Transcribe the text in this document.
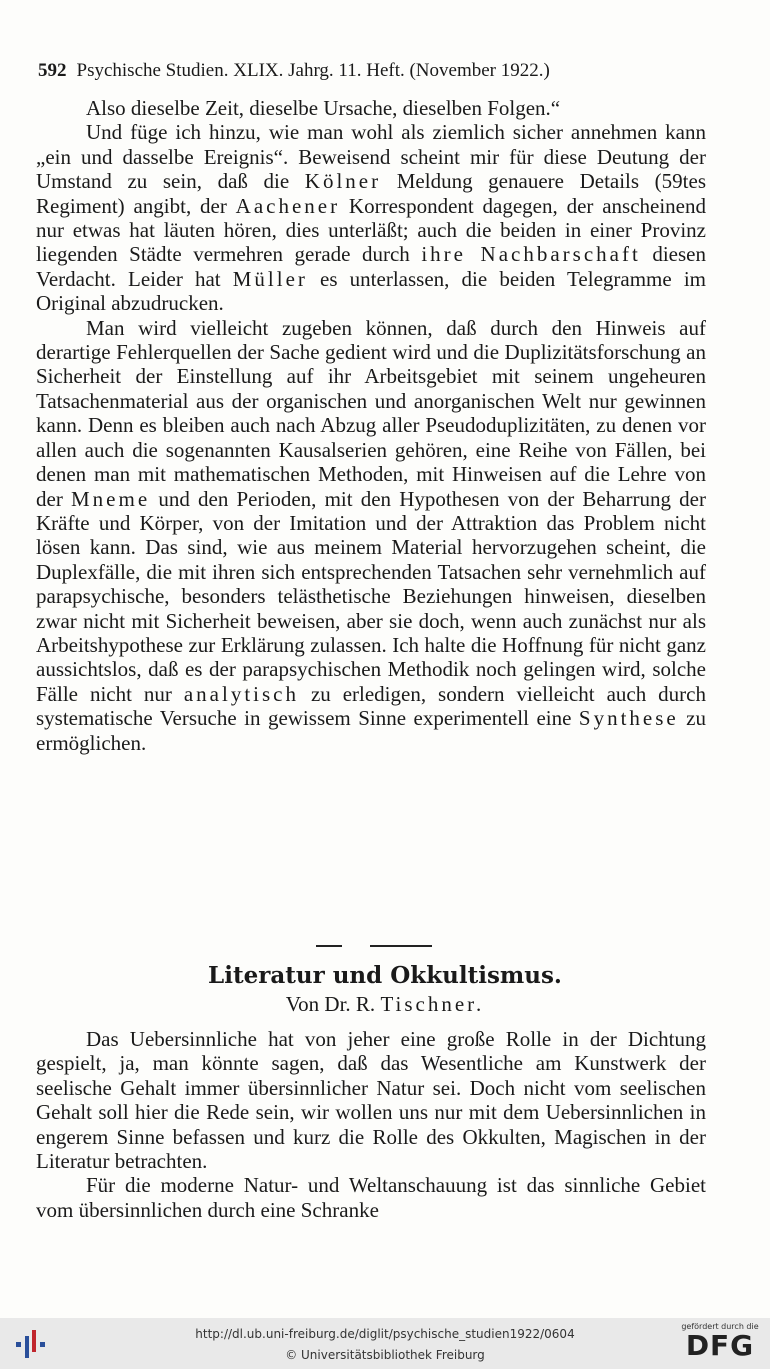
592 Psychische Studien. XLIX. Jahrg. 11. Heft. (November 1922.)

Also dieselbe Zeit, dieselbe Ursache, dieselben Folgen.“

Und füge ich hinzu, wie man wohl als ziemlich sicher annehmen kann „ein und dasselbe Ereignis“. Beweisend scheint mir für diese Deutung der Umstand zu sein, daß die Kölner Meldung genauere Details (59tes Regiment) angibt, der Aachener Korrespondent dagegen, der anscheinend nur etwas hat läuten hören, dies unterläßt; auch die beiden in einer Provinz liegenden Städte vermehren gerade durch ihre Nachbarschaft diesen Verdacht. Leider hat Müller es unterlassen, die beiden Telegramme im Original abzudrucken.

Man wird vielleicht zugeben können, daß durch den Hinweis auf derartige Fehlerquellen der Sache gedient wird und die Duplizitätsforschung an Sicherheit der Einstellung auf ihr Arbeitsgebiet mit seinem ungeheuren Tatsachenmaterial aus der organischen und anorganischen Welt nur gewinnen kann. Denn es bleiben auch nach Abzug aller Pseudoduplizitäten, zu denen vor allen auch die sogenannten Kausalserien gehören, eine Reihe von Fällen, bei denen man mit mathematischen Methoden, mit Hinweisen auf die Lehre von der Mneme und den Perioden, mit den Hypothesen von der Beharrung der Kräfte und Körper, von der Imitation und der Attraktion das Problem nicht lösen kann. Das sind, wie aus meinem Material hervorzugehen scheint, die Duplexfälle, die mit ihren sich entsprechenden Tatsachen sehr vernehmlich auf parapsychische, besonders telästhetische Beziehungen hinweisen, dieselben zwar nicht mit Sicherheit beweisen, aber sie doch, wenn auch zunächst nur als Arbeitshypothese zur Erklärung zulassen. Ich halte die Hoffnung für nicht ganz aussichtslos, daß es der parapsychischen Methodik noch gelingen wird, solche Fälle nicht nur analytisch zu erledigen, sondern vielleicht auch durch systematische Versuche in gewissem Sinne experimentell eine Synthese zu ermöglichen.

Literatur und Okkultismus.
Von Dr. R. Tischner.

Das Uebersinnliche hat von jeher eine große Rolle in der Dichtung gespielt, ja, man könnte sagen, daß das Wesentliche am Kunstwerk der seelische Gehalt immer übersinnlicher Natur sei. Doch nicht vom seelischen Gehalt soll hier die Rede sein, wir wollen uns nur mit dem Uebersinnlichen in engerem Sinne befassen und kurz die Rolle des Okkulten, Magischen in der Literatur betrachten.

Für die moderne Natur- und Weltanschauung ist das sinnliche Gebiet vom übersinnlichen durch eine Schranke

http://dl.ub.uni-freiburg.de/diglit/psychische_studien1922/0604
© Universitätsbibliothek Freiburg
gefördert durch die
DFG
